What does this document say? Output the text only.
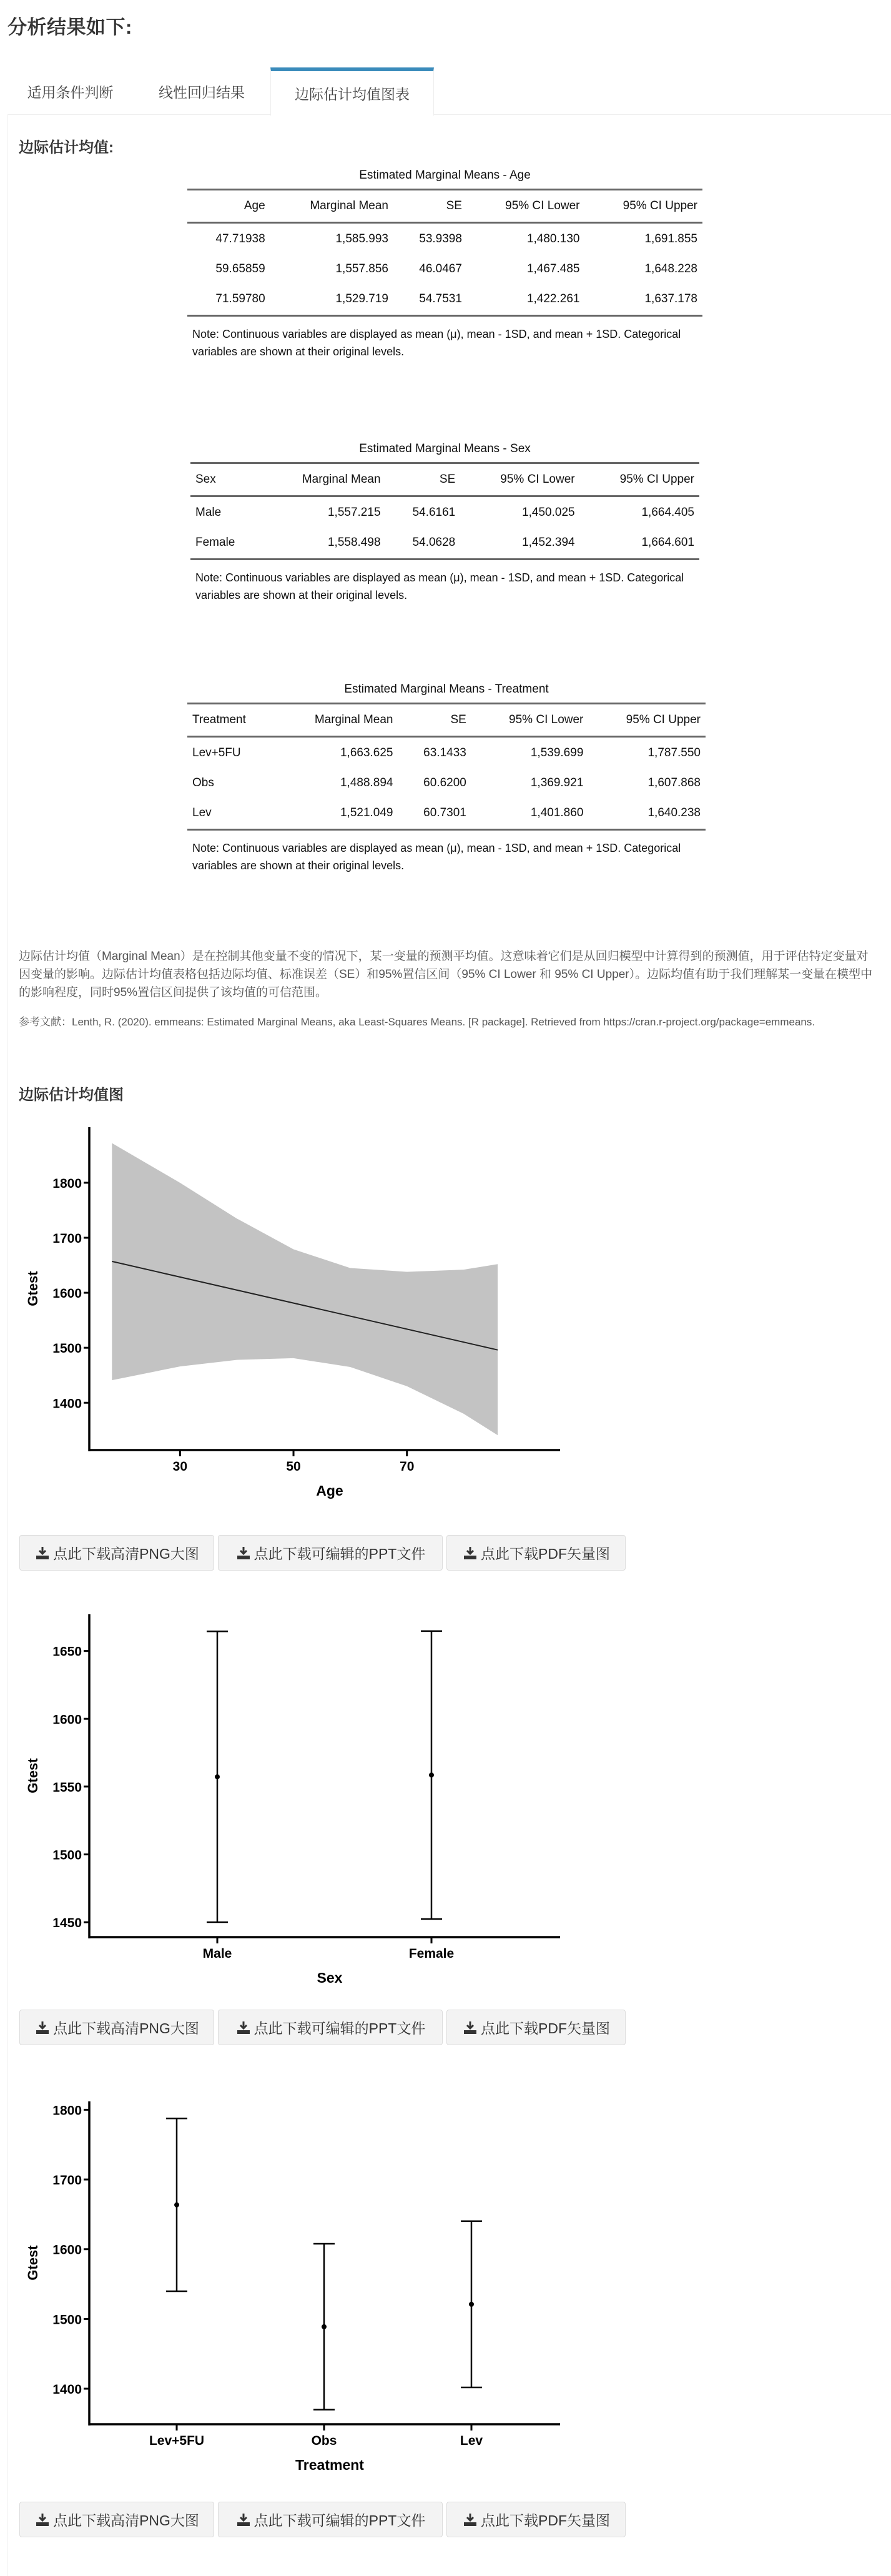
分析结果如下:
适用条件判断	线性回归结果	边际估计均值图表
边际估计均值:
Estimated Marginal Means - Age
Age	Marginal Mean	SE	95% CI Lower	95% CI Upper
47.71938	1,585.993	53.9398	1,480.130	1,691.855
59.65859	1,557.856	46.0467	1,467.485	1,648.228
71.59780	1,529.719	54.7531	1,422.261	1,637.178
Note: Continuous variables are displayed as mean (μ), mean - 1SD, and mean + 1SD. Categorical variables are shown at their original levels.
Estimated Marginal Means - Sex
Sex	Marginal Mean	SE	95% CI Lower	95% CI Upper
Male	1,557.215	54.6161	1,450.025	1,664.405
Female	1,558.498	54.0628	1,452.394	1,664.601
Note: Continuous variables are displayed as mean (μ), mean - 1SD, and mean + 1SD. Categorical variables are shown at their original levels.
Estimated Marginal Means - Treatment
Treatment	Marginal Mean	SE	95% CI Lower	95% CI Upper
Lev+5FU	1,663.625	63.1433	1,539.699	1,787.550
Obs	1,488.894	60.6200	1,369.921	1,607.868
Lev	1,521.049	60.7301	1,401.860	1,640.238
Note: Continuous variables are displayed as mean (μ), mean - 1SD, and mean + 1SD. Categorical variables are shown at their original levels.
边际估计均值（Marginal Mean）是在控制其他变量不变的情况下，某一变量的预测平均值。这意味着它们是从回归模型中计算得到的预测值，用于评估特定变量对因变量的影响。边际估计均值表格包括边际均值、标准误差（SE）和95%置信区间（95% CI Lower 和 95% CI Upper）。边际均值有助于我们理解某一变量在模型中的影响程度，同时95%置信区间提供了该均值的可信范围。
参考文献：Lenth, R. (2020). emmeans: Estimated Marginal Means, aka Least-Squares Means. [R package]. Retrieved from https://cran.r-project.org/package=emmeans.
边际估计均值图
Gtest
Age
1400
1500
1600
1700
1800
30	50	70
点此下载高清PNG大图	点此下载可编辑的PPT文件	点此下载PDF矢量图
Gtest
Sex
1450
1500
1550
1600
1650
Male	Female
点此下载高清PNG大图	点此下载可编辑的PPT文件	点此下载PDF矢量图
Gtest
Treatment
1400
1500
1600
1700
1800
Lev+5FU	Obs	Lev
点此下载高清PNG大图	点此下载可编辑的PPT文件	点此下载PDF矢量图
